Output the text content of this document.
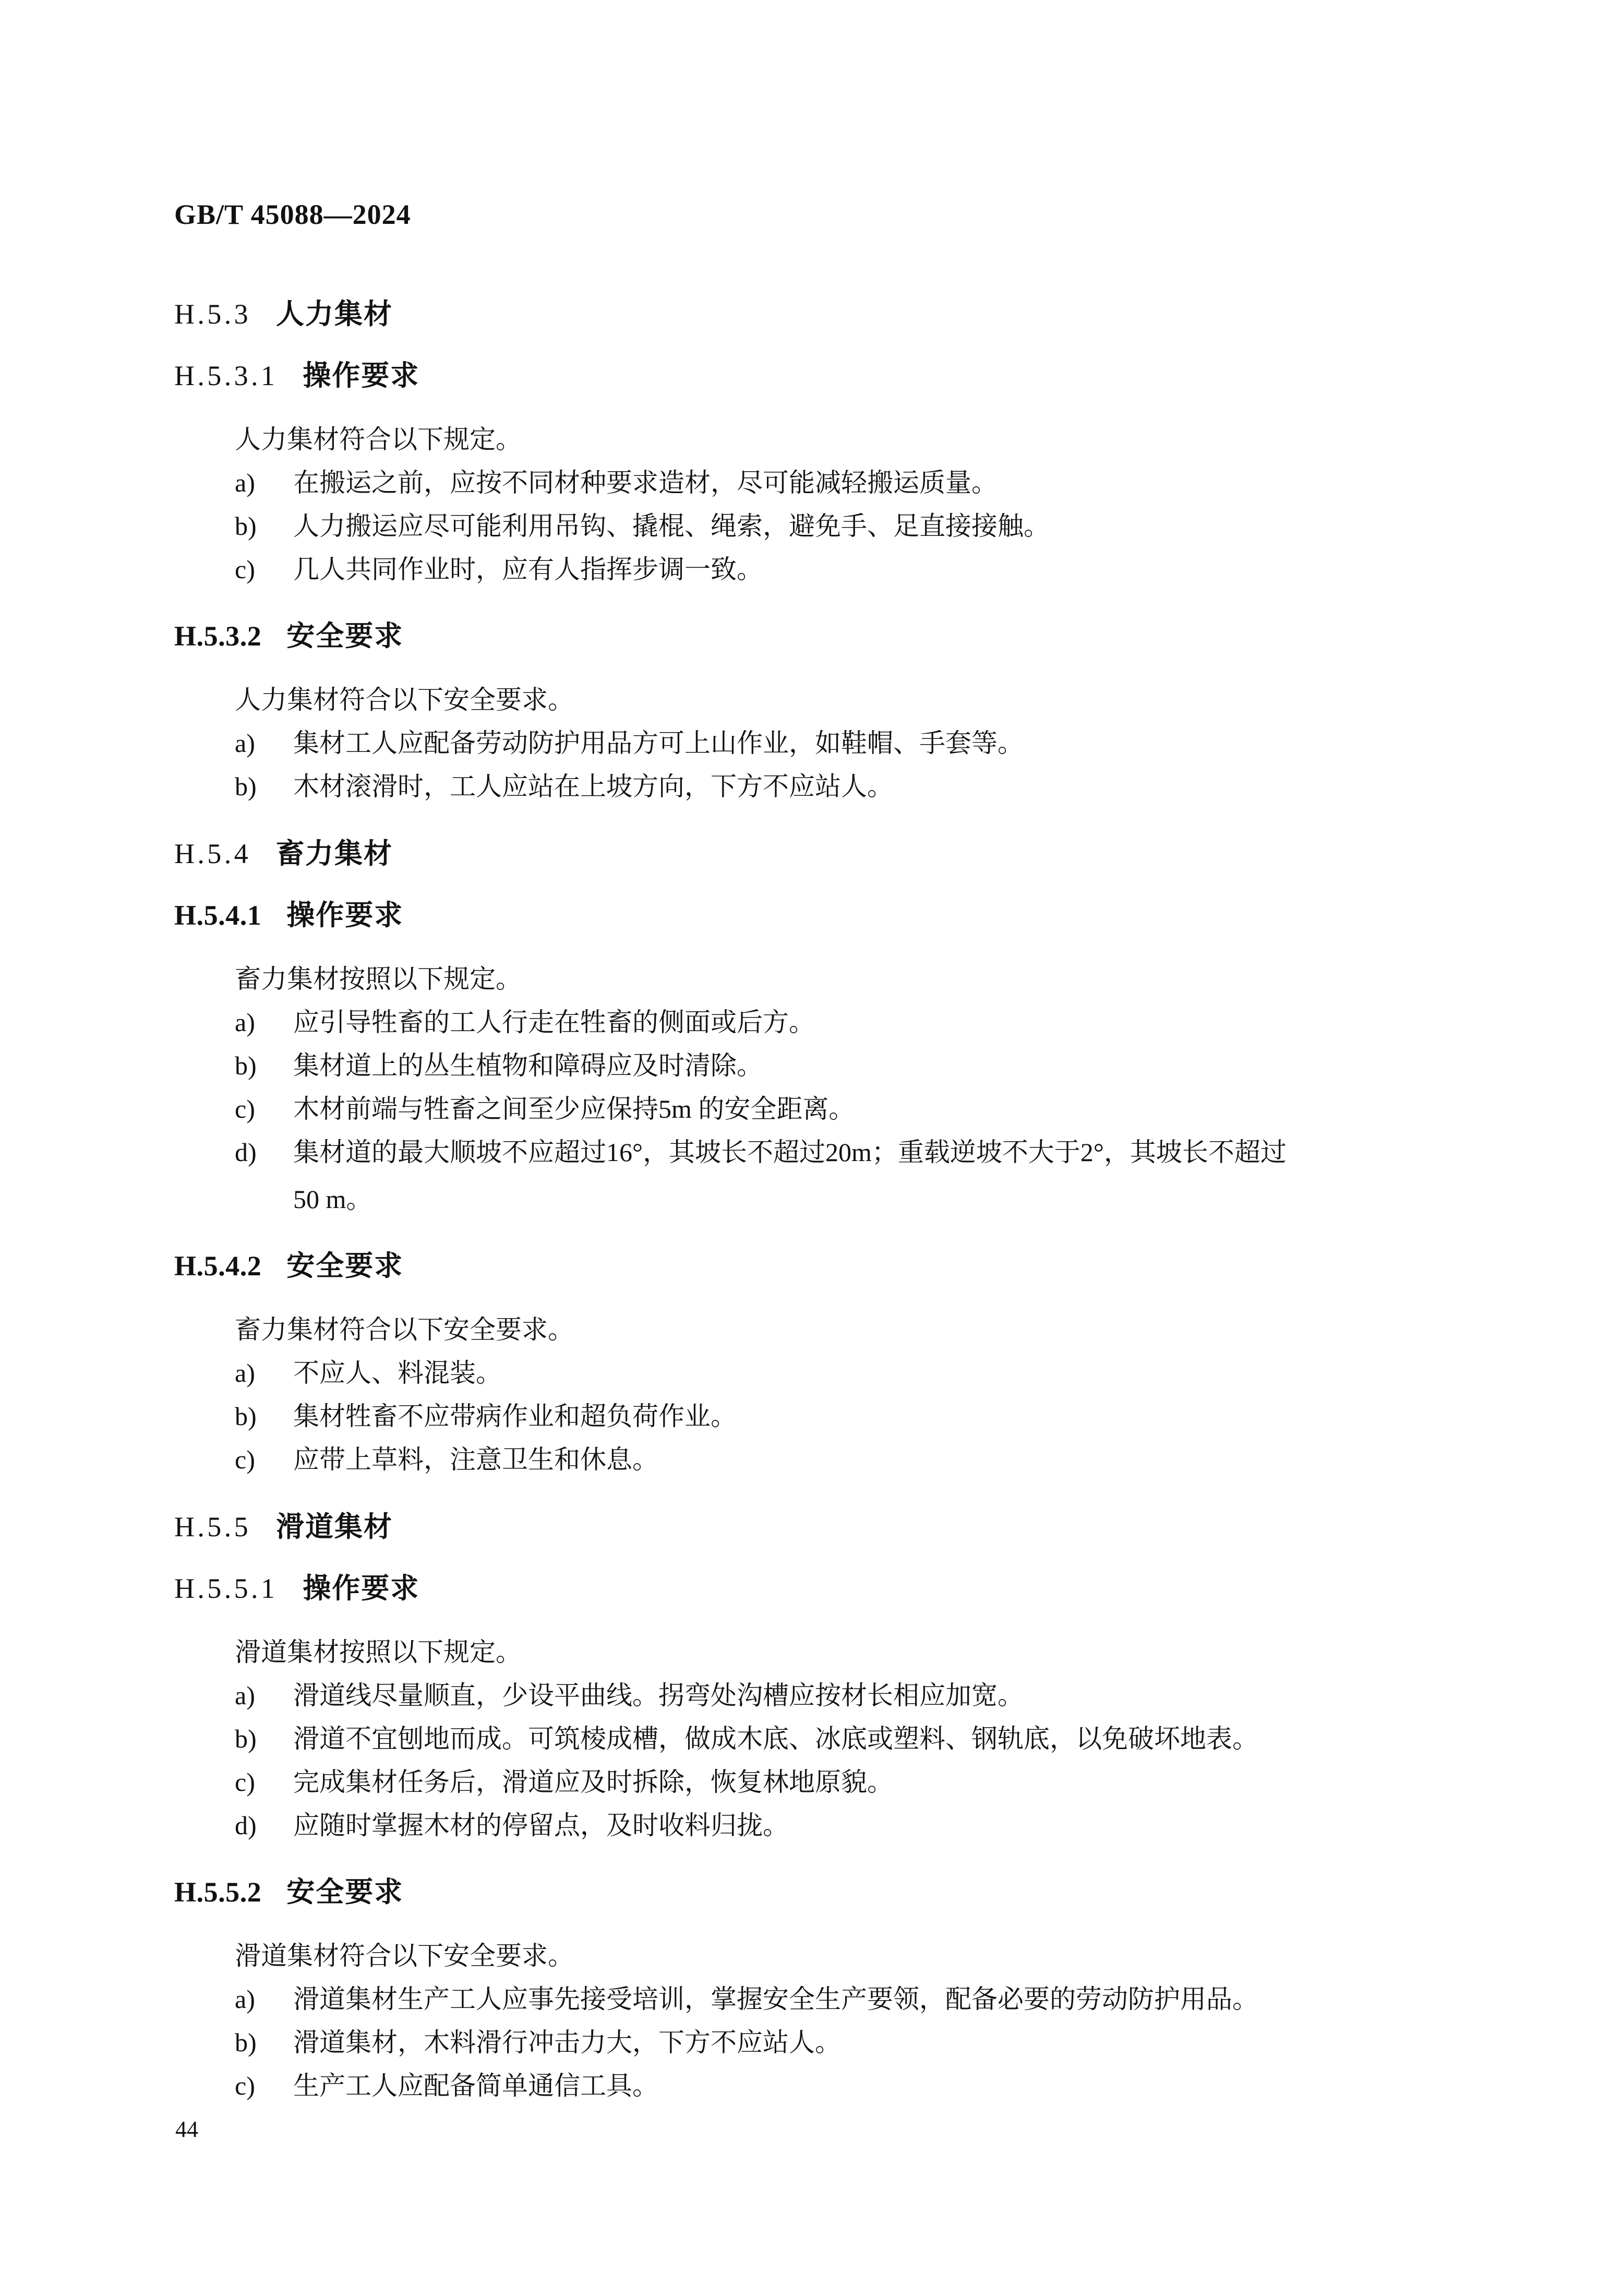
GB/T 45088—2024
H.5.3 人力集材
H.5.3.1 操作要求

人力集材符合以下规定。

a)	在搬运之前，应按不同材种要求造材，尽可能减轻搬运质量。
b)	人力搬运应尽可能利用吊钩、撬棍、绳索，避免手、足直接接触。
c)	几人共同作业时，应有人指挥步调一致。
H.5.3.2 安全要求

人力集材符合以下安全要求。

a)	集材工人应配备劳动防护用品方可上山作业，如鞋帽、手套等。
b)	木材滚滑时，工人应站在上坡方向，下方不应站人。
H.5.4 畜力集材
H.5.4.1 操作要求

畜力集材按照以下规定。

a)	应引导牲畜的工人行走在牲畜的侧面或后方。
b)	集材道上的丛生植物和障碍应及时清除。
c)	木材前端与牲畜之间至少应保持5m 的安全距离。
d)	集材道的最大顺坡不应超过16°，其坡长不超过20m；重载逆坡不大于2°，其坡长不超过
50 m。
H.5.4.2 安全要求

畜力集材符合以下安全要求。

a)	不应人、料混装。
b)	集材牲畜不应带病作业和超负荷作业。
c)	应带上草料，注意卫生和休息。
H.5.5 滑道集材
H.5.5.1 操作要求

滑道集材按照以下规定。

a)	滑道线尽量顺直，少设平曲线。拐弯处沟槽应按材长相应加宽。
b)	滑道不宜刨地而成。可筑棱成槽，做成木底、冰底或塑料、钢轨底，以免破坏地表。
c)	完成集材任务后，滑道应及时拆除，恢复林地原貌。
d)	应随时掌握木材的停留点，及时收料归拢。
H.5.5.2 安全要求

滑道集材符合以下安全要求。

a)	滑道集材生产工人应事先接受培训，掌握安全生产要领，配备必要的劳动防护用品。
b)	滑道集材，木料滑行冲击力大，下方不应站人。
c)	生产工人应配备简单通信工具。
44
